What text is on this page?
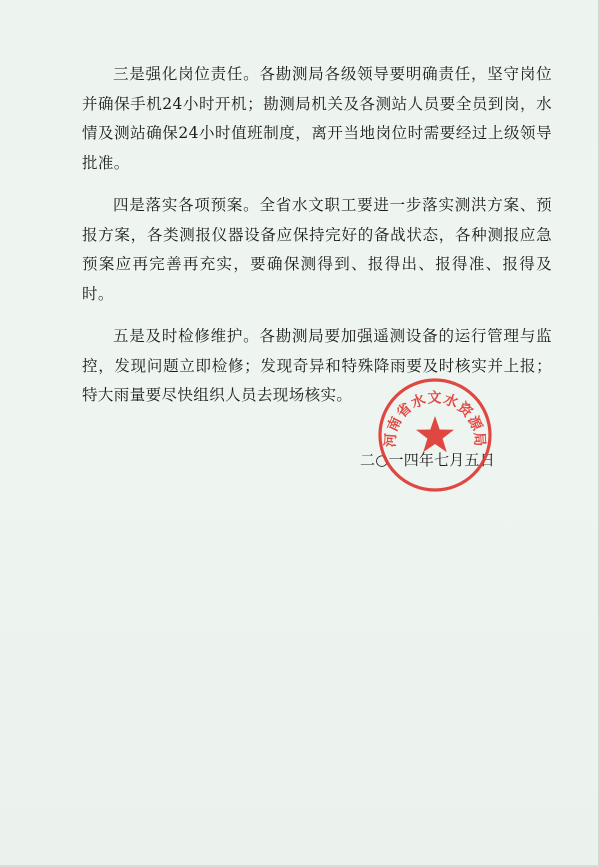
三是强化岗位责任。各勘测局各级领导要明确责任，坚守岗位并确保手机24小时开机；勘测局机关及各测站人员要全员到岗，水情及测站确保24小时值班制度，离开当地岗位时需要经过上级领导批准。

四是落实各项预案。全省水文职工要进一步落实测洪方案、预报方案，各类测报仪器设备应保持完好的备战状态，各种测报应急预案应再完善再充实，要确保测得到、报得出、报得准、报得及时。

五是及时检修维护。各勘测局要加强遥测设备的运行管理与监控，发现问题立即检修；发现奇异和特殊降雨要及时核实并上报；特大雨量要尽快组织人员去现场核实。

二○一四年七月五日
河南省水文水资源局
